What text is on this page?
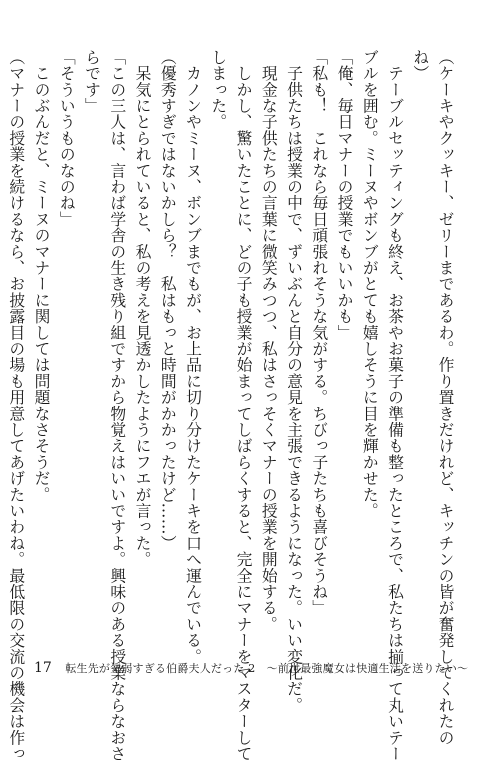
（ケーキやクッキー、ゼリーまであるわ。作り置きだけれど、キッチンの皆が奮発してくれたの
ね）
　テーブルセッティングも終え、お茶やお菓子の準備も整ったところで、私たちは揃って丸いテー
ブルを囲む。ミーヌやボンブがとても嬉しそうに目を輝かせた。
「俺、毎日マナーの授業でもいいかも」
「私も！　これなら毎日頑張れそうな気がする。ちびっ子たちも喜びそうね」
　子供たちは授業の中で、ずいぶんと自分の意見を主張できるようになった。いい変化だ。
　現金な子供たちの言葉に微笑みつつ、私はさっそくマナーの授業を開始する。
　しかし、驚いたことに、どの子も授業が始まってしばらくすると、完全にマナーをマスターして
しまった。
　カノンやミーヌ、ボンブまでもが、お上品に切り分けたケーキを口へ運んでいる。
（優秀すぎではないかしら？　私はもっと時間がかかったけど……）
　呆気にとられていると、私の考えを見透かしたようにフエが言った。
「この三人は、言わば学舎の生き残り組ですから物覚えはいいですよ。興味のある授業ならなおさ
らです」
「そういうものなのね」
　このぶんだと、ミーヌのマナーに関しては問題なさそうだ。
（マナーの授業を続けるなら、お披露目の場も用意してあげたいわね。最低限の交流の機会は作っ 17 転生先が気弱すぎる伯爵夫人だった 2　～前世最強魔女は快適生活を送りたい～
